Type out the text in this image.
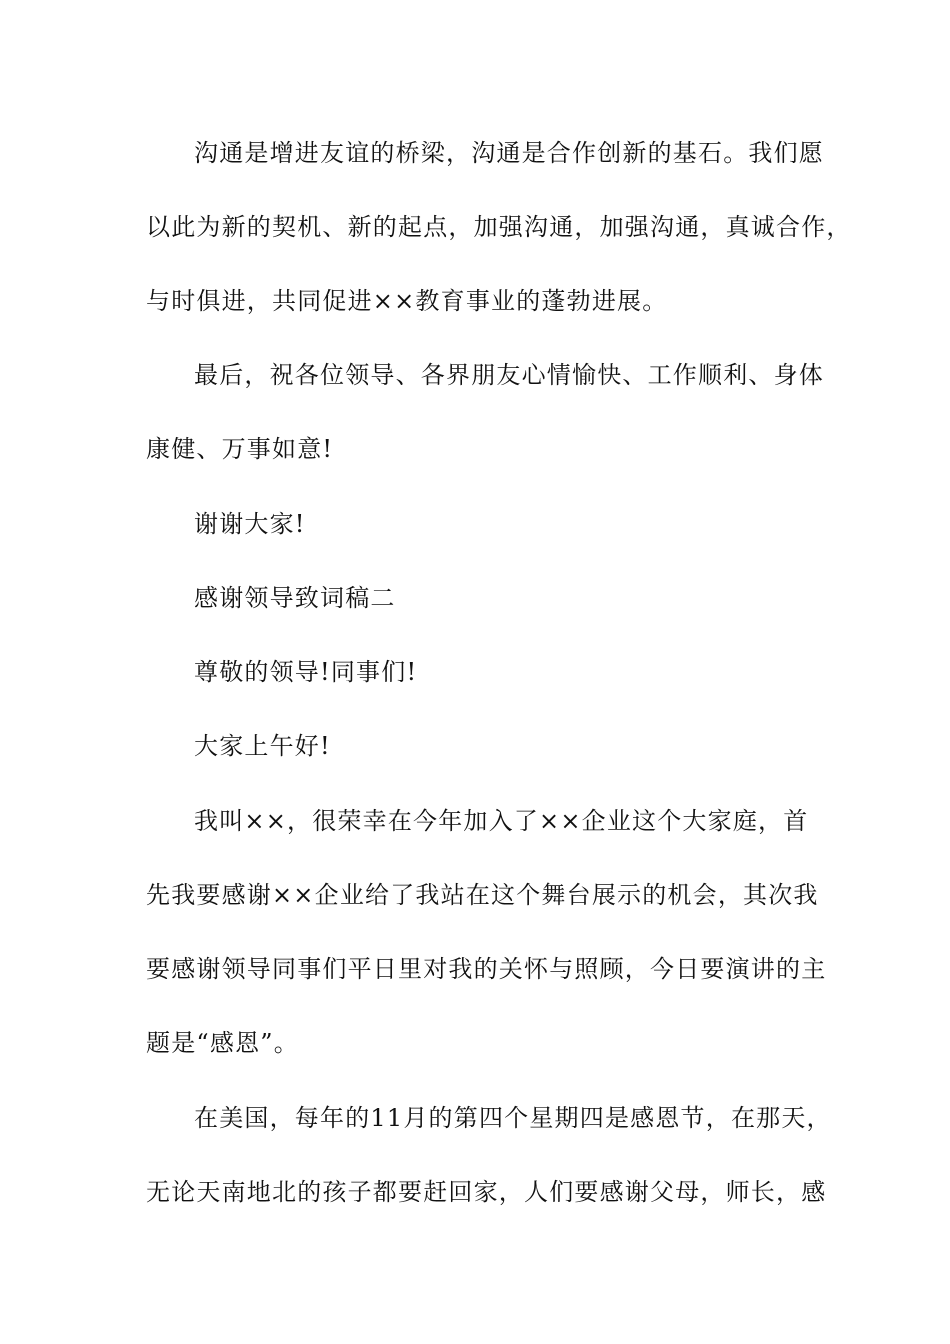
沟通是增进友谊的桥梁，沟通是合作创新的基石。我们愿
以此为新的契机、新的起点，加强沟通，加强沟通，真诚合作，
与时俱进，共同促进××教育事业的蓬勃进展。
最后，祝各位领导、各界朋友心情愉快、工作顺利、身体
康健、万事如意!
谢谢大家!
感谢领导致词稿二
尊敬的领导!同事们!
大家上午好!
我叫××，很荣幸在今年加入了××企业这个大家庭，首
先我要感谢××企业给了我站在这个舞台展示的机会，其次我
要感谢领导同事们平日里对我的关怀与照顾，今日要演讲的主
题是“感恩”。
在美国，每年的11月的第四个星期四是感恩节，在那天，
无论天南地北的孩子都要赶回家，人们要感谢父母，师长，感
